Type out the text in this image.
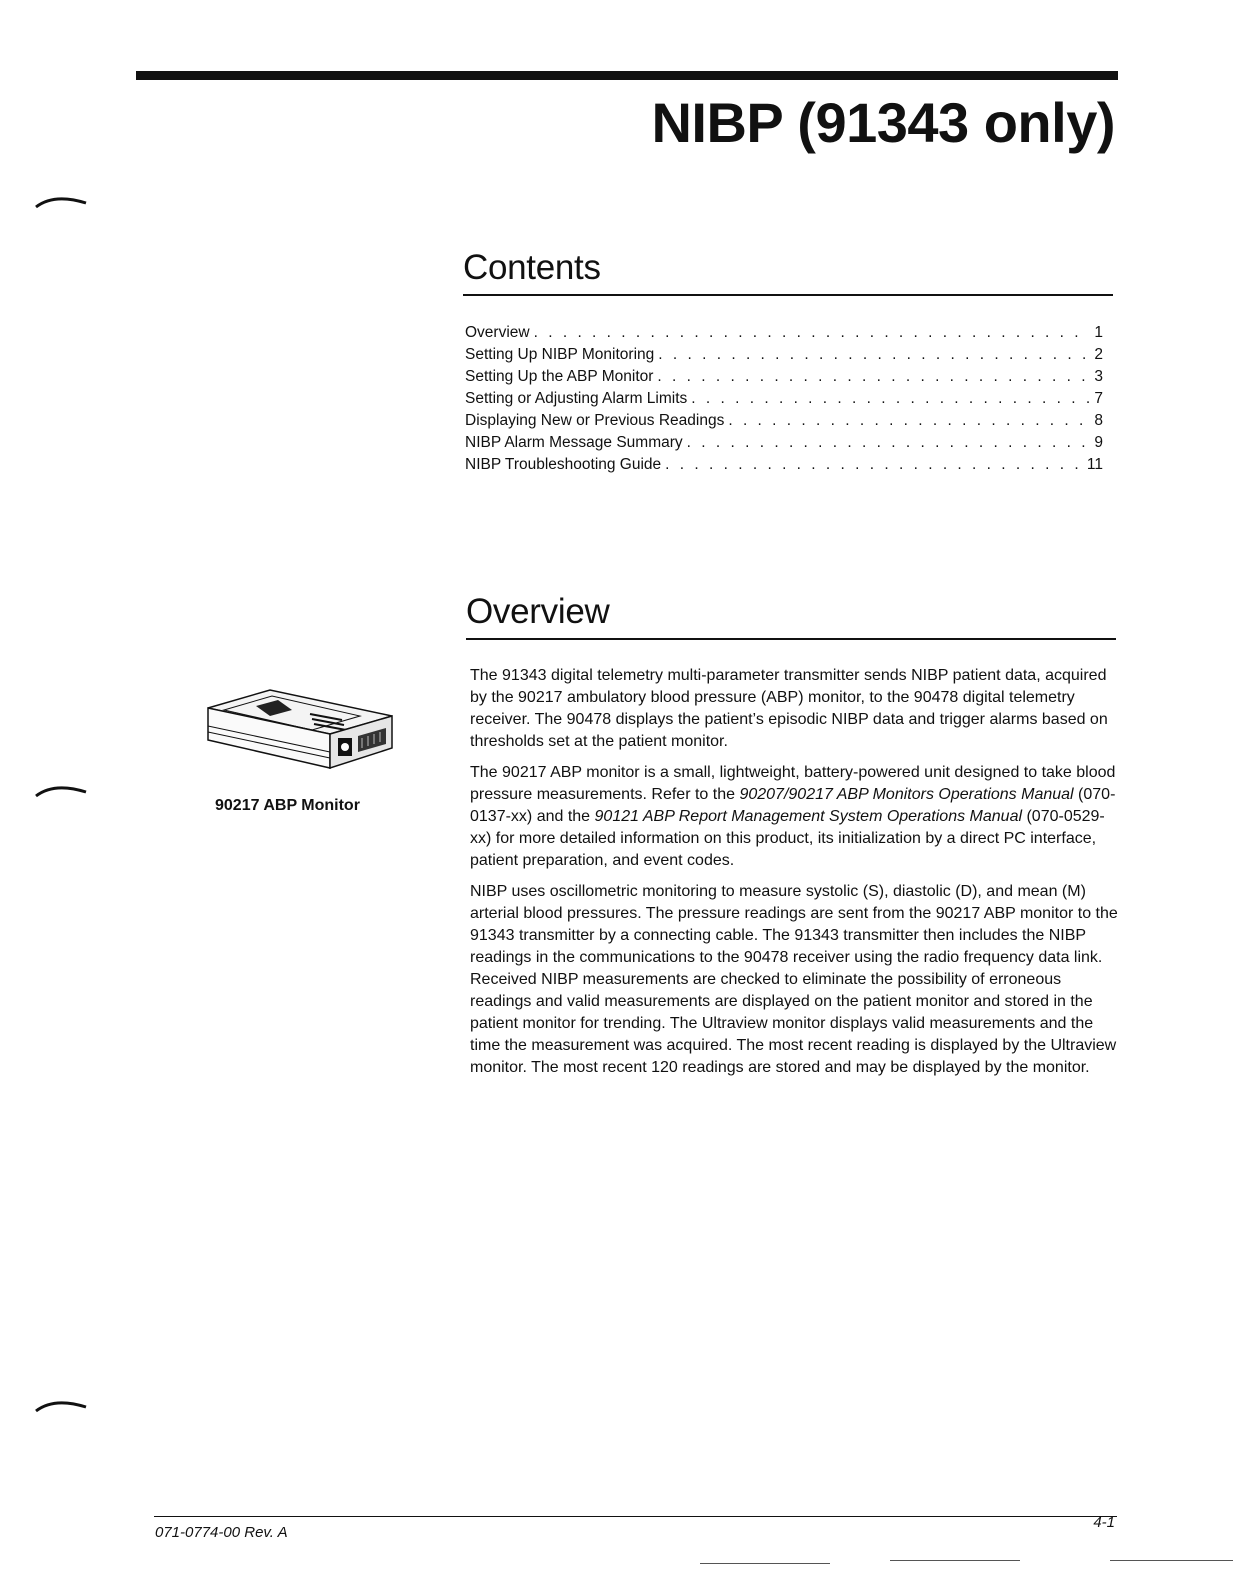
NIBP (91343 only)
Contents
Overview . . .	1
Setting Up NIBP Monitoring . . .	2
Setting Up the ABP Monitor . . .	3
Setting or Adjusting Alarm Limits . . .	7
Displaying New or Previous Readings . . .	8
NIBP Alarm Message Summary . . .	9
NIBP Troubleshooting Guide . . .	11
Overview
90217 ABP Monitor

The 91343 digital telemetry multi-parameter transmitter sends NIBP patient data, acquired by the 90217 ambulatory blood pressure (ABP) monitor, to the 90478 digital telemetry receiver. The 90478 displays the patient’s episodic NIBP data and trigger alarms based on thresholds set at the patient monitor.

The 90217 ABP monitor is a small, lightweight, battery-powered unit designed to take blood pressure measurements. Refer to the 90207/90217 ABP Monitors Operations Manual (070-0137-xx) and the 90121 ABP Report Management System Operations Manual (070-0529-xx) for more detailed information on this product, its initialization by a direct PC interface, patient preparation, and event codes.

NIBP uses oscillometric monitoring to measure systolic (S), diastolic (D), and mean (M) arterial blood pressures. The pressure readings are sent from the 90217 ABP monitor to the 91343 transmitter by a connecting cable. The 91343 transmitter then includes the NIBP readings in the communications to the 90478 receiver using the radio frequency data link. Received NIBP measurements are checked to eliminate the possibility of erroneous readings and valid measurements are displayed on the patient monitor and stored in the patient monitor for trending. The Ultraview monitor displays valid measurements and the time the measurement was acquired. The most recent reading is displayed by the Ultraview monitor. The most recent 120 readings are stored and may be displayed by the monitor.

071-0774-00 Rev. A
4-1
